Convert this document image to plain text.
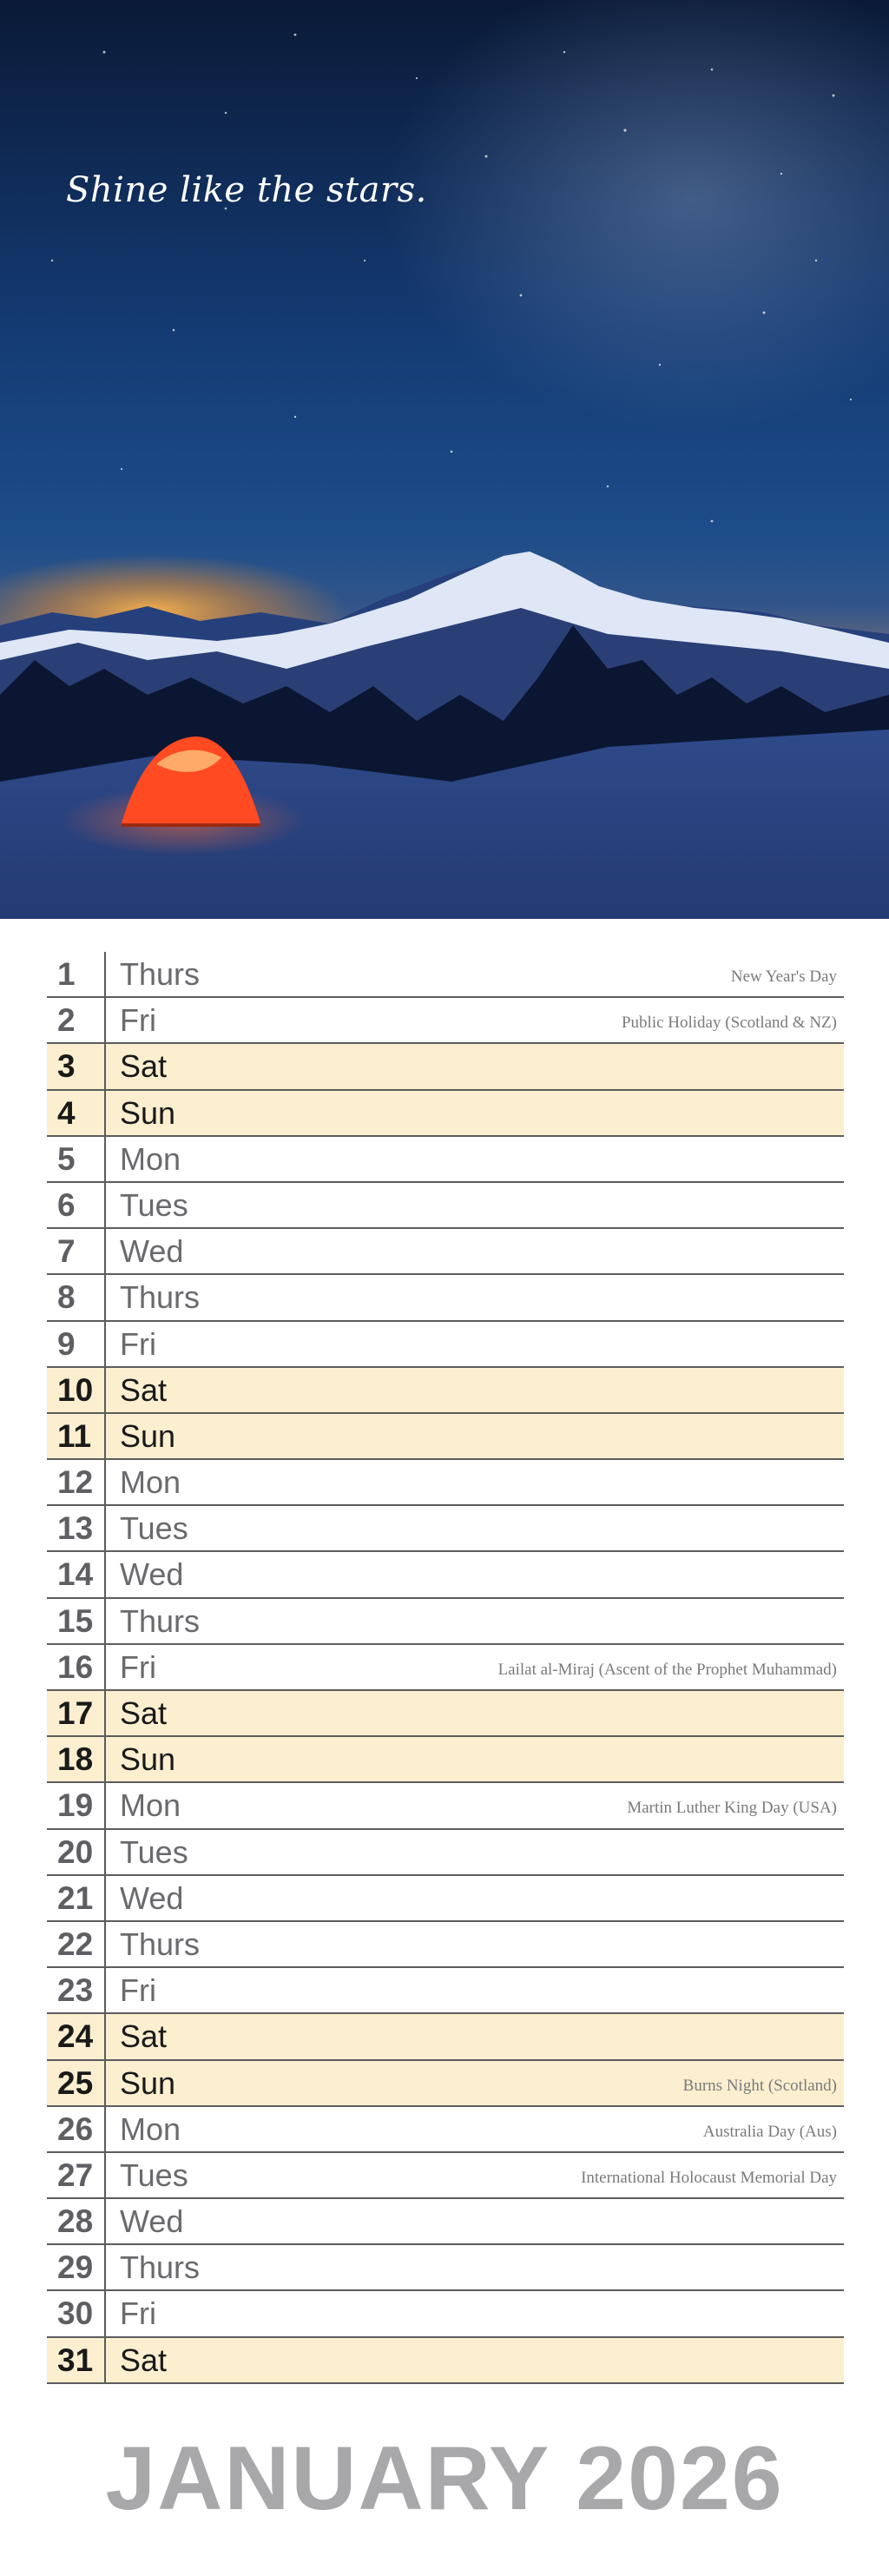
Shine like the stars.
1	Thurs	New Year's Day
2	Fri	Public Holiday (Scotland & NZ)
3	Sat
4	Sun
5	Mon
6	Tues
7	Wed
8	Thurs
9	Fri
10 Sat
11 Sun
12 Mon
13 Tues
14 Wed
15 Thurs
16 Fri	Lailat al-Miraj (Ascent of the Prophet Muhammad)
17 Sat
18 Sun
19 Mon	Martin Luther King Day (USA)
20 Tues
21 Wed
22 Thurs
23 Fri
24 Sat
25 Sun	Burns Night (Scotland)
26 Mon	Australia Day (Aus)
27 Tues	International Holocaust Memorial Day
28 Wed
29 Thurs
30 Fri
31 Sat
JANUARY 2026
